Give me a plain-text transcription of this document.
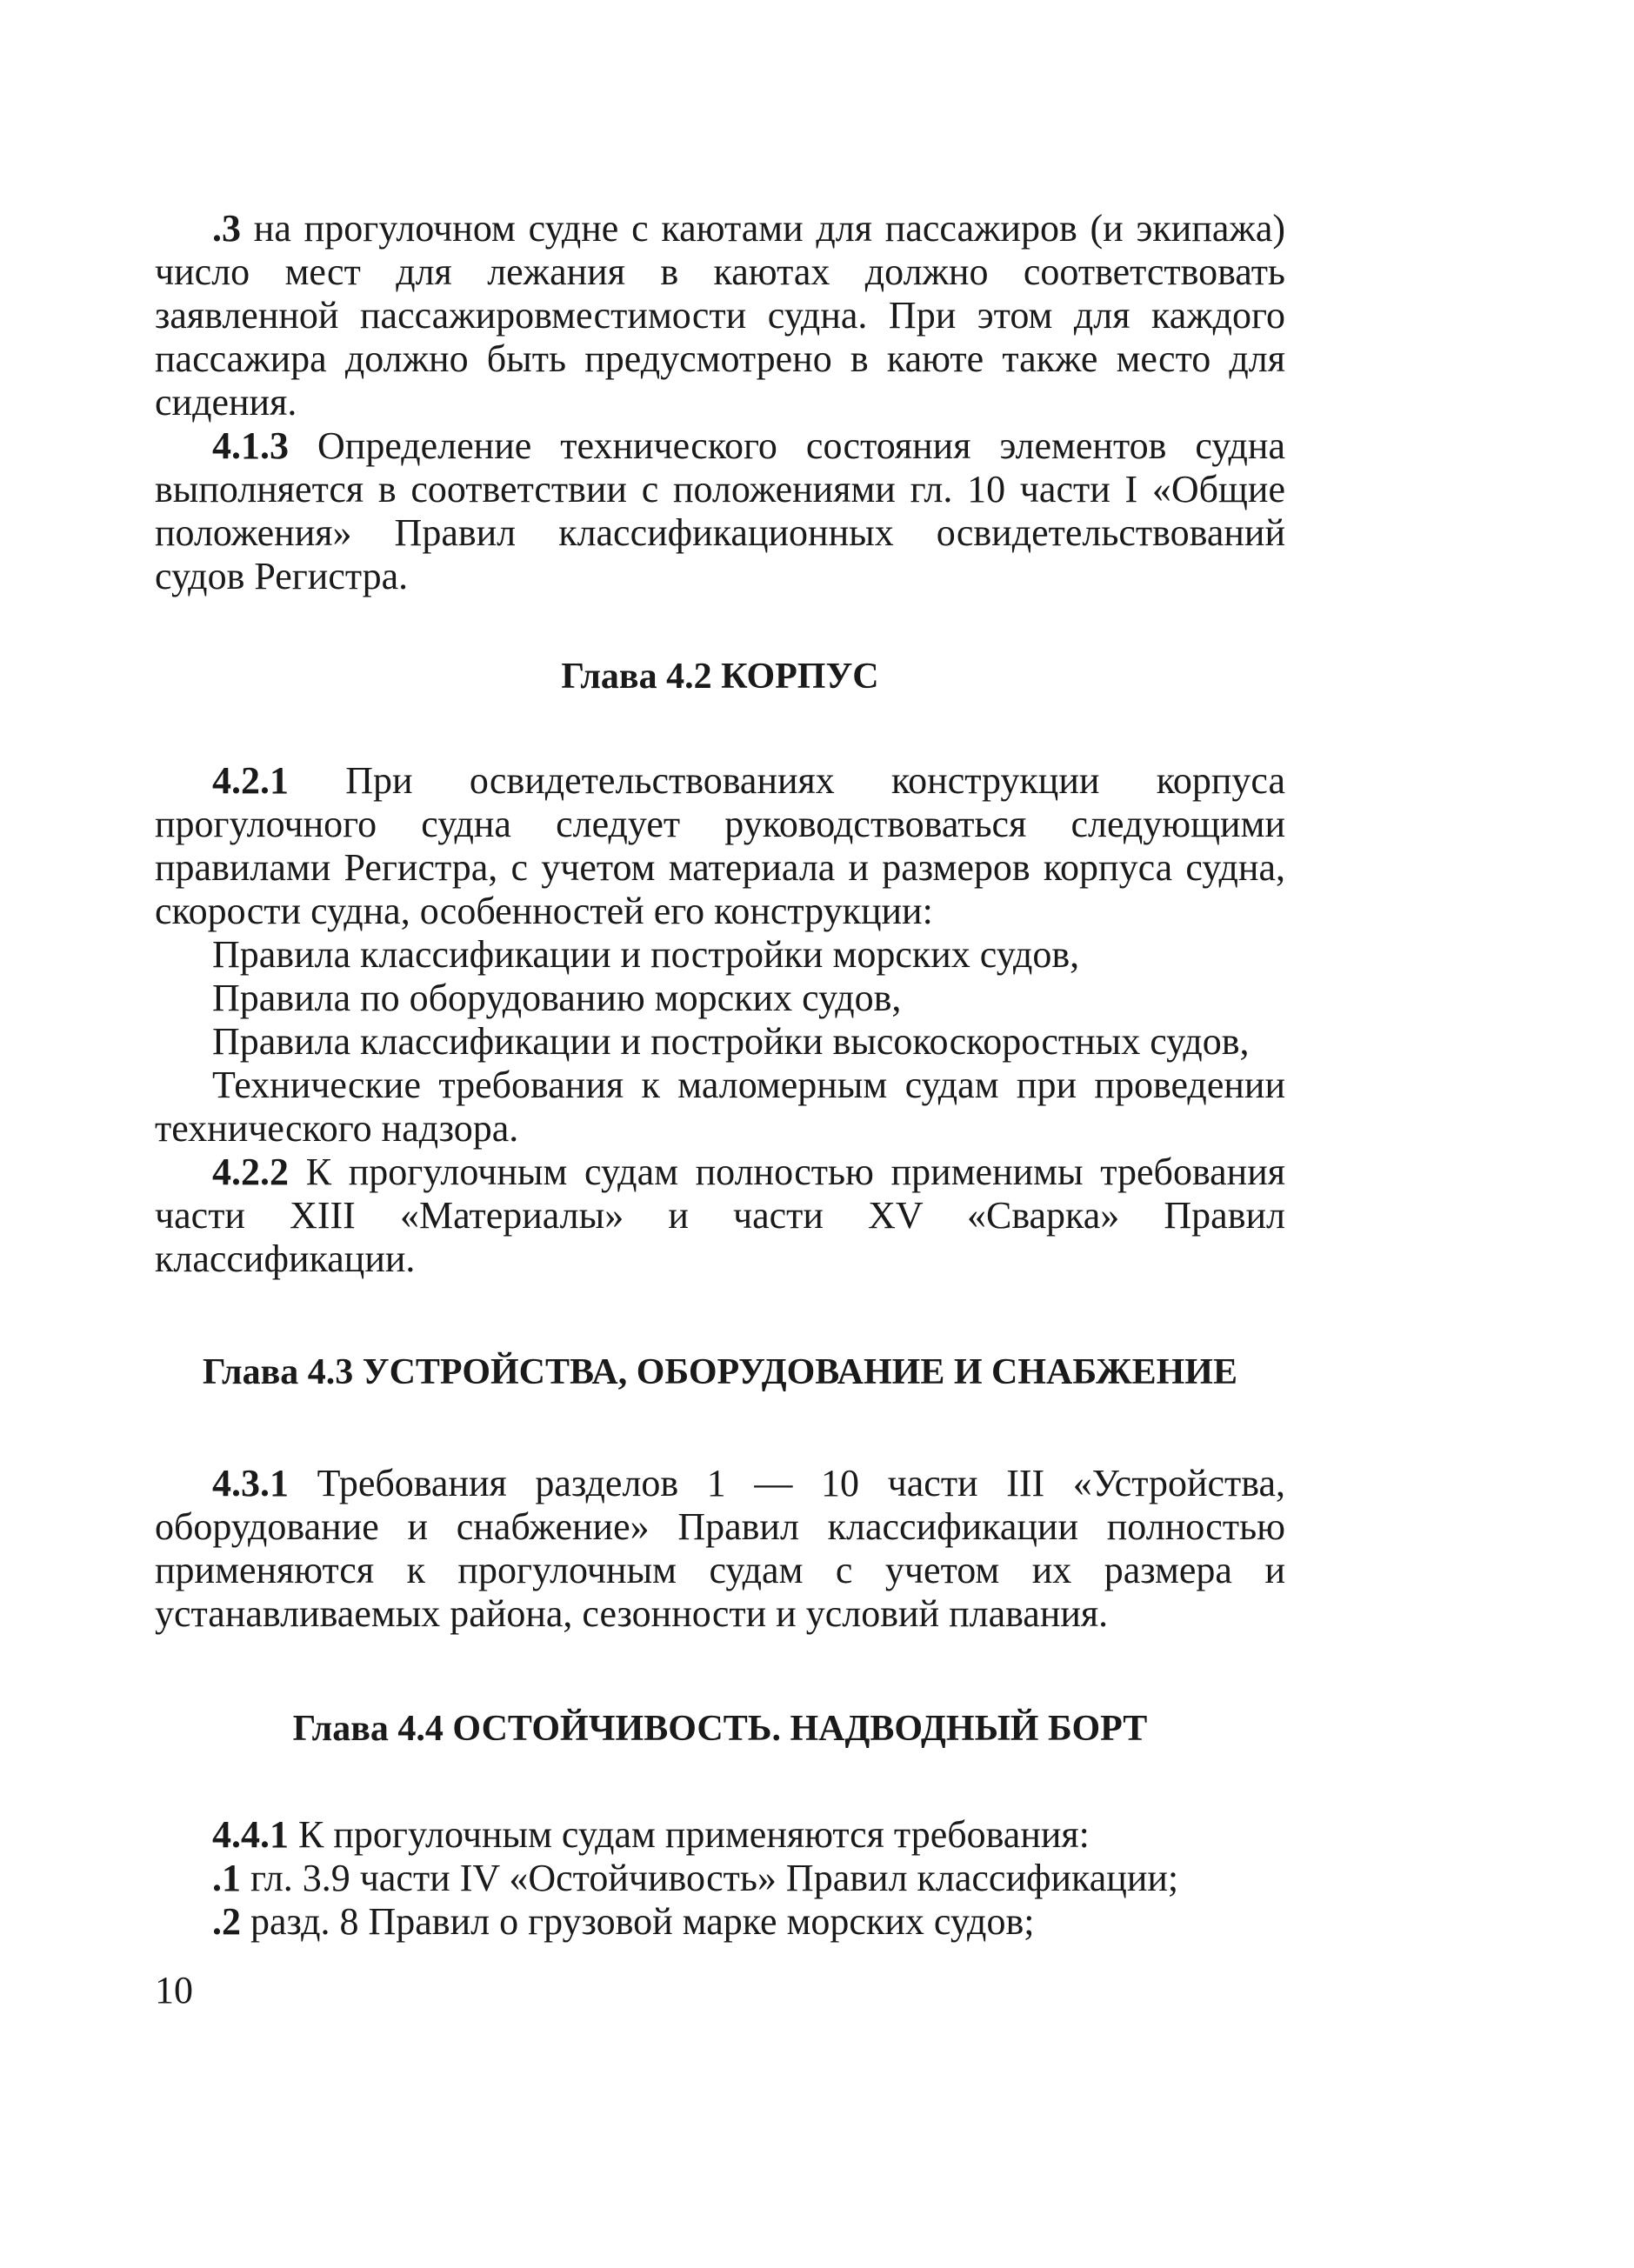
.3 на прогулочном судне с каютами для пассажиров (и экипажа) число мест для лежания в каютах должно соответствовать заявленной пассажировместимости судна. При этом для каждого пассажира должно быть предусмотрено в каюте также место для сидения.

4.1.3 Определение технического состояния элементов судна выполняется в соответствии с положениями гл. 10 части I «Общие положения» Правил классификационных освидетельствований судов Регистра.

Глава 4.2 КОРПУС

4.2.1 При освидетельствованиях конструкции корпуса прогулочного судна следует руководствоваться следующими правилами Регистра, с учетом материала и размеров корпуса судна, скорости судна, особенностей его конструкции:

Правила классификации и постройки морских судов,

Правила по оборудованию морских судов,

Правила классификации и постройки высокоскоростных судов,

Технические требования к маломерным судам при проведении технического надзора.

4.2.2 К прогулочным судам полностью применимы требования части XIII «Материалы» и части XV «Сварка» Правил классификации.

Глава 4.3 УСТРОЙСТВА, ОБОРУДОВАНИЕ И СНАБЖЕНИЕ

4.3.1 Требования разделов 1 — 10 части III «Устройства, оборудование и снабжение» Правил классификации полностью применяются к прогулочным судам с учетом их размера и устанавливаемых района, сезонности и условий плавания.

Глава 4.4 ОСТОЙЧИВОСТЬ. НАДВОДНЫЙ БОРТ

4.4.1 К прогулочным судам применяются требования:

.1 гл. 3.9 части IV «Остойчивость» Правил классификации;

.2 разд. 8 Правил о грузовой марке морских судов;

10
